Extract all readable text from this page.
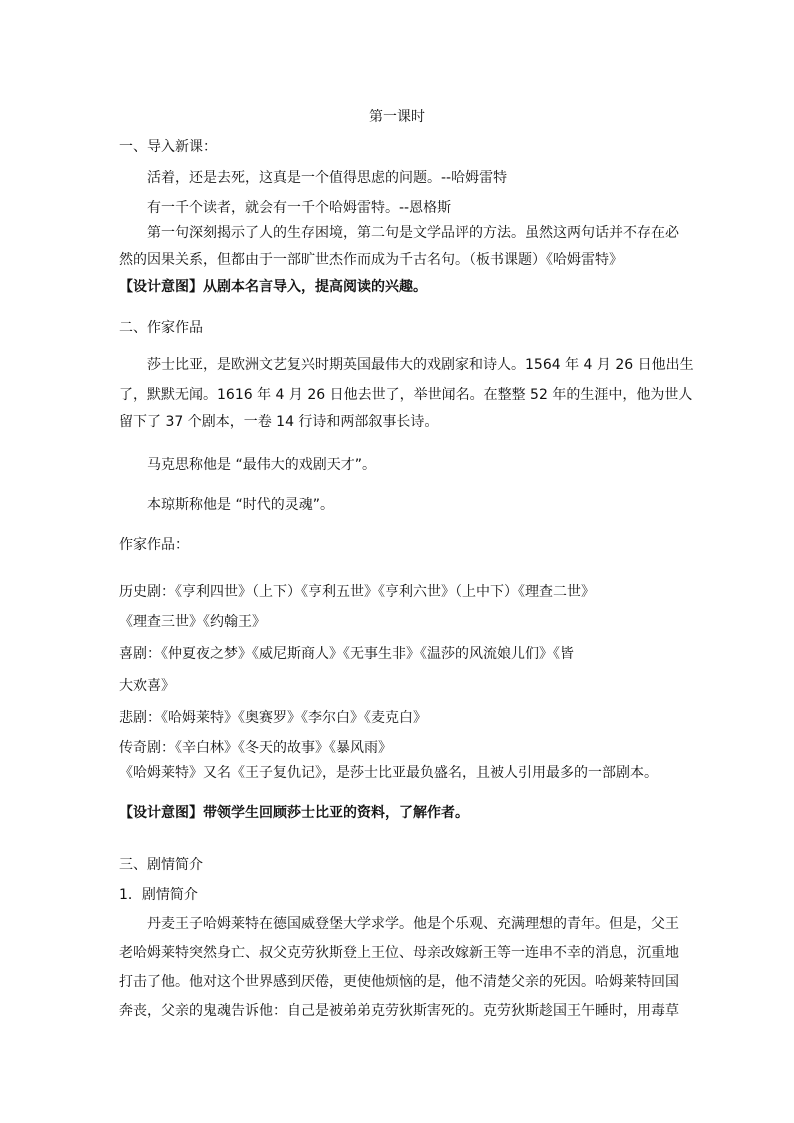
第一课时
一、导入新课：
活着，还是去死，这真是一个值得思虑的问题。--哈姆雷特
有一千个读者，就会有一千个哈姆雷特。--恩格斯
第一句深刻揭示了人的生存困境，第二句是文学品评的方法。虽然这两句话并不存在必
然的因果关系，但都由于一部旷世杰作而成为千古名句。（板书课题）《哈姆雷特》
【设计意图】从剧本名言导入，提高阅读的兴趣。
二、作家作品
莎士比亚，是欧洲文艺复兴时期英国最伟大的戏剧家和诗人。1564 年 4 月 26 日他出生
了，默默无闻。1616 年 4 月 26 日他去世了，举世闻名。在整整 52 年的生涯中，他为世人
留下了 37 个剧本，一卷 14 行诗和两部叙事长诗。
马克思称他是 “最伟大的戏剧天才”。
本琼斯称他是 “时代的灵魂”。
作家作品：
历史剧：《亨利四世》（上下）《亨利五世》《亨利六世》（上中下）《理查二世》
《理查三世》《约翰王》
喜剧：《仲夏夜之梦》《威尼斯商人》《无事生非》《温莎的风流娘儿们》《皆
大欢喜》
悲剧：《哈姆莱特》《奥赛罗》《李尔白》《麦克白》
传奇剧：《辛白林》《冬天的故事》《暴风雨》
《哈姆莱特》又名《王子复仇记》，是莎士比亚最负盛名，且被人引用最多的一部剧本。
【设计意图】带领学生回顾莎士比亚的资料，了解作者。
三、剧情简介
1．剧情简介
丹麦王子哈姆莱特在德国威登堡大学求学。他是个乐观、充满理想的青年。但是，父王
老哈姆莱特突然身亡、叔父克劳狄斯登上王位、母亲改嫁新王等一连串不幸的消息，沉重地
打击了他。他对这个世界感到厌倦，更使他烦恼的是，他不清楚父亲的死因。哈姆莱特回国
奔丧，父亲的鬼魂告诉他：自己是被弟弟克劳狄斯害死的。克劳狄斯趁国王午睡时，用毒草
